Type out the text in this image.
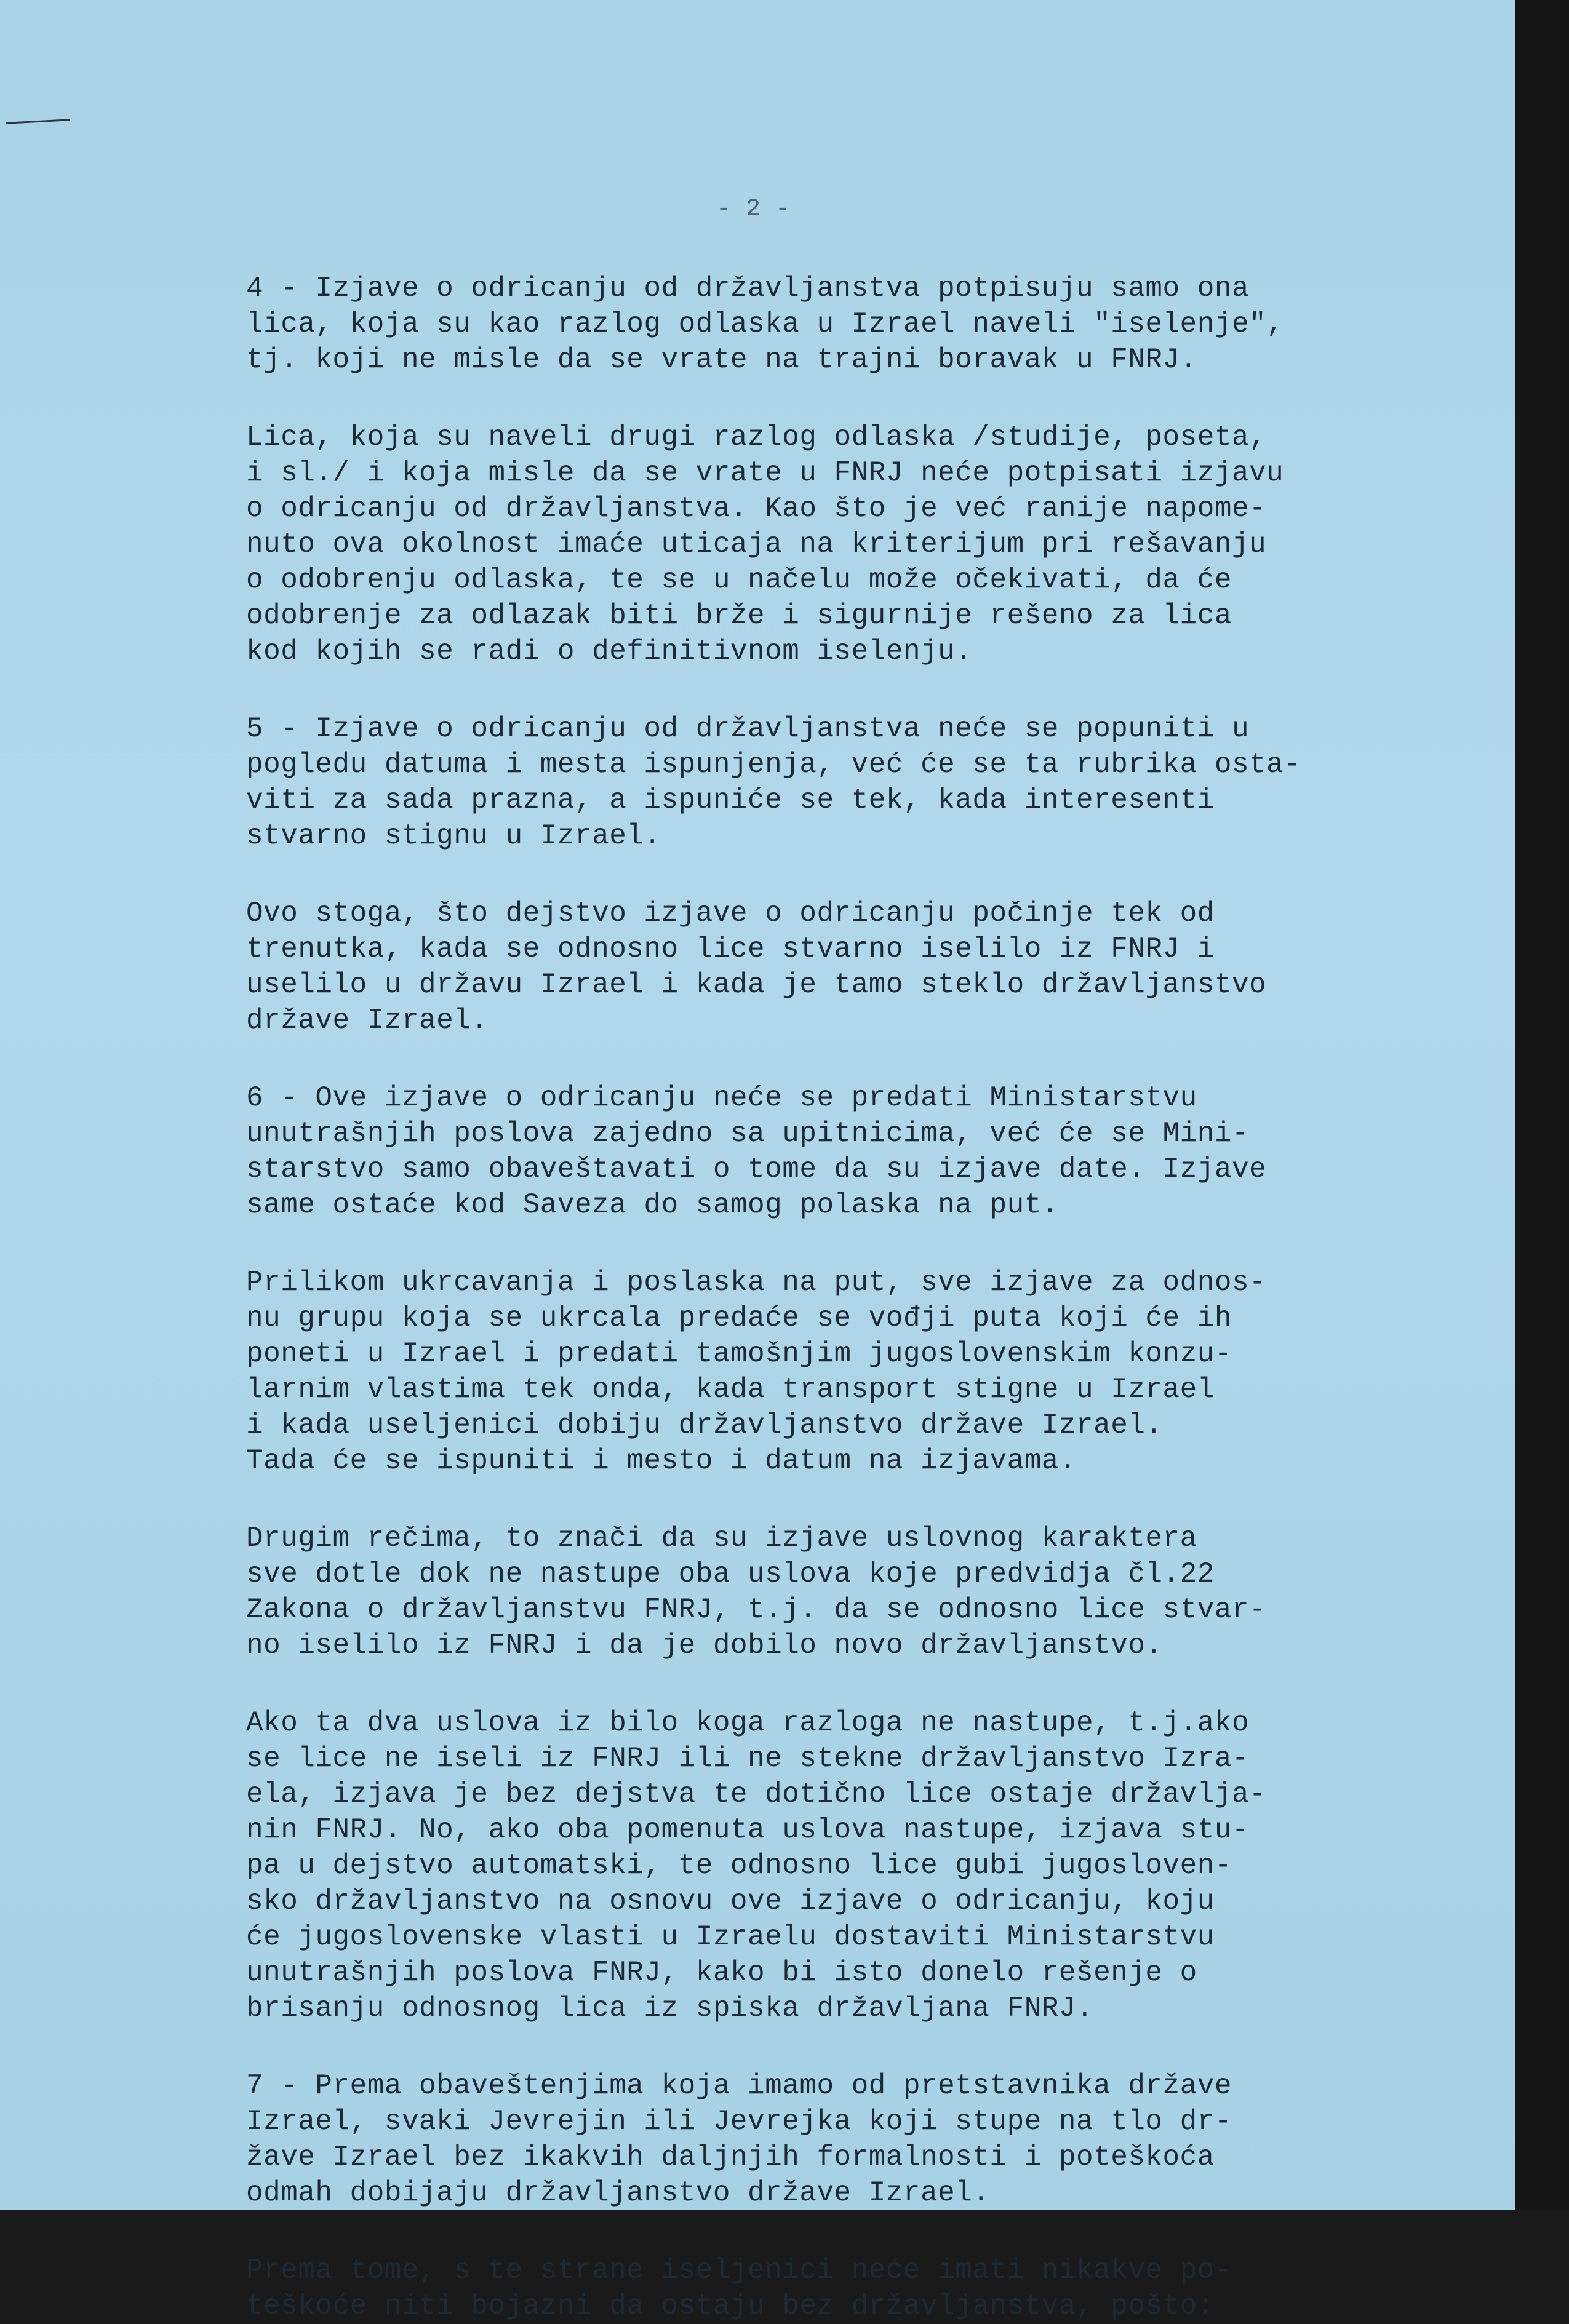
- 2 -

4 - Izjave o odricanju od državljanstva potpisuju samo ona
lica, koja su kao razlog odlaska u Izrael naveli "iselenje",
tj. koji ne misle da se vrate na trajni boravak u FNRJ.

Lica, koja su naveli drugi razlog odlaska /studije, poseta,
i sl./ i koja misle da se vrate u FNRJ neće potpisati izjavu
o odricanju od državljanstva. Kao što je već ranije napome-
nuto ova okolnost imaće uticaja na kriterijum pri rešavanju
o odobrenju odlaska, te se u načelu može očekivati, da će
odobrenje za odlazak biti brže i sigurnije rešeno za lica
kod kojih se radi o definitivnom iselenju.

5 - Izjave o odricanju od državljanstva neće se popuniti u
pogledu datuma i mesta ispunjenja, već će se ta rubrika osta-
viti za sada prazna, a ispuniće se tek, kada interesenti
stvarno stignu u Izrael.

Ovo stoga, što dejstvo izjave o odricanju počinje tek od
trenutka, kada se odnosno lice stvarno iselilo iz FNRJ i
uselilo u državu Izrael i kada je tamo steklo državljanstvo
države Izrael.

6 - Ove izjave o odricanju neće se predati Ministarstvu
unutrašnjih poslova zajedno sa upitnicima, već će se Mini-
starstvo samo obaveštavati o tome da su izjave date. Izjave
same ostaće kod Saveza do samog polaska na put.

Prilikom ukrcavanja i poslaska na put, sve izjave za odnos-
nu grupu koja se ukrcala predaće se vođji puta koji će ih
poneti u Izrael i predati tamošnjim jugoslovenskim konzu-
larnim vlastima tek onda, kada transport stigne u Izrael
i kada useljenici dobiju državljanstvo države Izrael.
Tada će se ispuniti i mesto i datum na izjavama.

Drugim rečima, to znači da su izjave uslovnog karaktera
sve dotle dok ne nastupe oba uslova koje predvidja čl.22
Zakona o državljanstvu FNRJ, t.j. da se odnosno lice stvar-
no iselilo iz FNRJ i da je dobilo novo državljanstvo.

Ako ta dva uslova iz bilo koga razloga ne nastupe, t.j.ako
se lice ne iseli iz FNRJ ili ne stekne državljanstvo Izra-
ela, izjava je bez dejstva te dotično lice ostaje državlja-
nin FNRJ. No, ako oba pomenuta uslova nastupe, izjava stu-
pa u dejstvo automatski, te odnosno lice gubi jugosloven-
sko državljanstvo na osnovu ove izjave o odricanju, koju
će jugoslovenske vlasti u Izraelu dostaviti Ministarstvu
unutrašnjih poslova FNRJ, kako bi isto donelo rešenje o
brisanju odnosnog lica iz spiska državljana FNRJ.

7 - Prema obaveštenjima koja imamo od pretstavnika države
Izrael, svaki Jevrejin ili Jevrejka koji stupe na tlo dr-
žave Izrael bez ikakvih daljnjih formalnosti i poteškoća
odmah dobijaju državljanstvo države Izrael.

Prema tome, s te strane iseljenici neće imati nikakve po-
teškoće niti bojazni da ostaju bez državljanstva, pošto:
